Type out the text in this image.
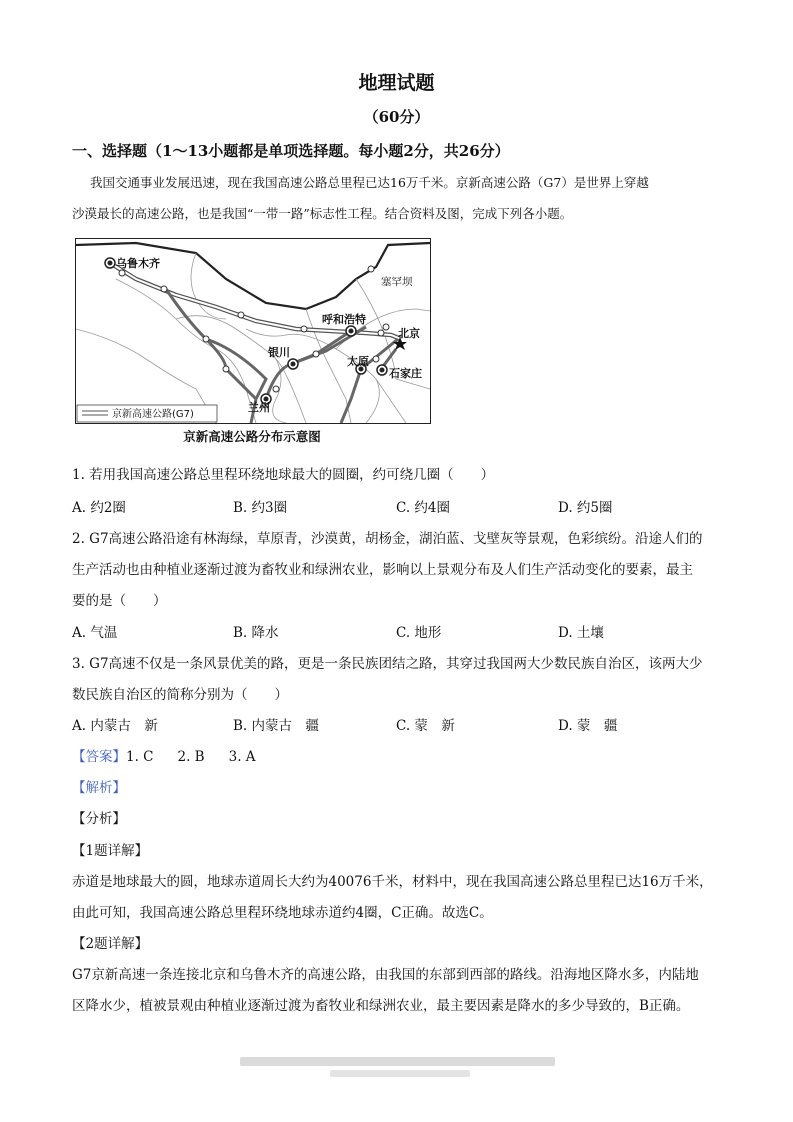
地理试题
（60分）
一、选择题（1～13小题都是单项选择题。每小题2分，共26分）
我国交通事业发展迅速，现在我国高速公路总里程已达16万千米。京新高速公路（G7）是世界上穿越
沙漠最长的高速公路，也是我国“一带一路”标志性工程。结合资料及图，完成下列各小题。
乌鲁木齐
塞罕坝
呼和浩特
北京
银川
太原
石家庄
兰州
京新高速公路(G7)
京新高速公路分布示意图
1. 若用我国高速公路总里程环绕地球最大的圆圈，约可绕几圈（　　）
A. 约2圈	B. 约3圈	C. 约4圈	D. 约5圈
2. G7高速公路沿途有林海绿，草原青，沙漠黄，胡杨金，湖泊蓝、戈壁灰等景观，色彩缤纷。沿途人们的
生产活动也由种植业逐渐过渡为畜牧业和绿洲农业，影响以上景观分布及人们生产活动变化的要素，最主
要的是（　　）
A. 气温	B. 降水	C. 地形	D. 土壤
3. G7高速不仅是一条风景优美的路，更是一条民族团结之路，其穿过我国两大少数民族自治区，该两大少
数民族自治区的简称分别为（　　）
A. 内蒙古　新	B. 内蒙古　疆	C. 蒙　新	D. 蒙　疆
【答案】1. C 2. B 3. A
【解析】
【分析】
【1题详解】
赤道是地球最大的圆，地球赤道周长大约为40076千米，材料中，现在我国高速公路总里程已达16万千米，
由此可知，我国高速公路总里程环绕地球赤道约4圈，C正确。故选C。
【2题详解】
G7京新高速一条连接北京和乌鲁木齐的高速公路，由我国的东部到西部的路线。沿海地区降水多，内陆地
区降水少，植被景观由种植业逐渐过渡为畜牧业和绿洲农业，最主要因素是降水的多少导致的，B正确。
